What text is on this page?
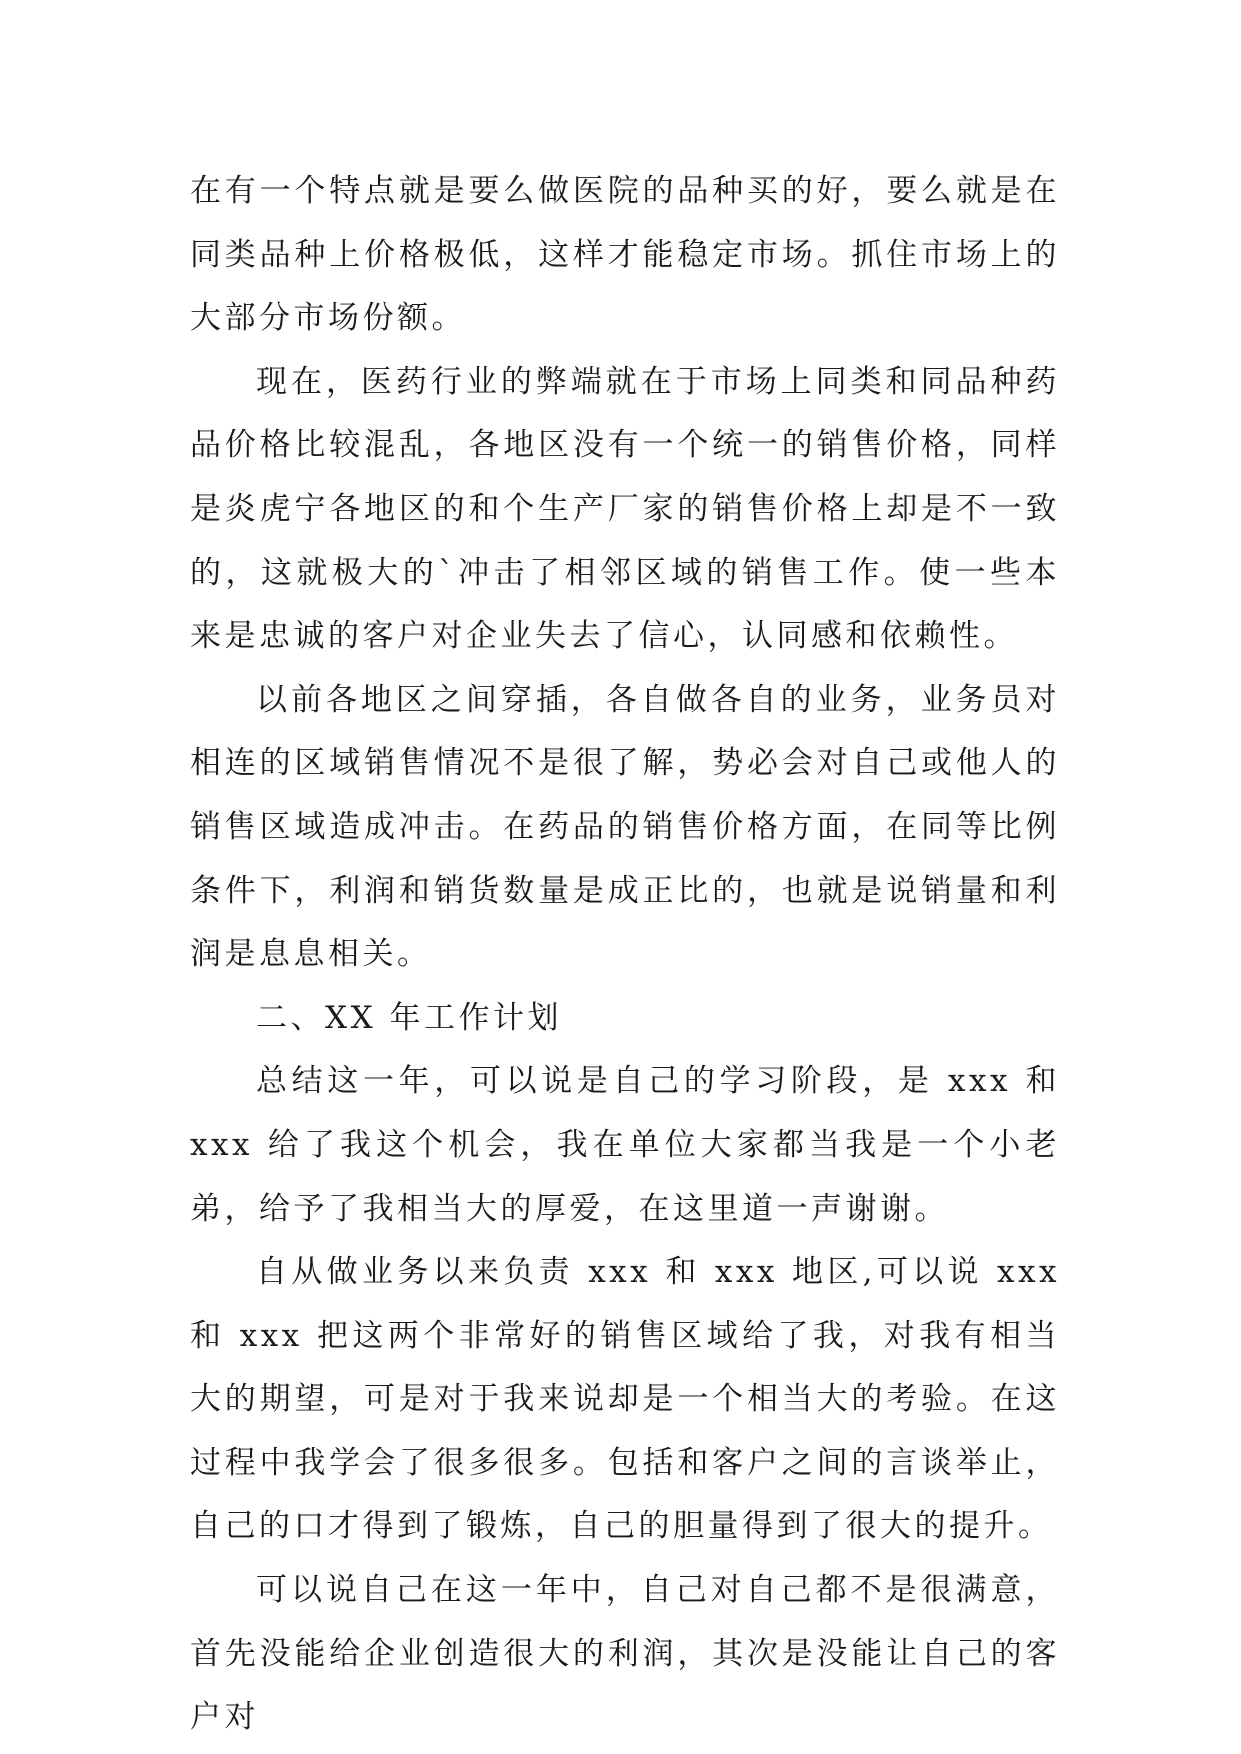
在有一个特点就是要么做医院的品种买的好，要么就是在同类品种上价格极低，这样才能稳定市场。抓住市场上的大部分市场份额。

现在，医药行业的弊端就在于市场上同类和同品种药品价格比较混乱，各地区没有一个统一的销售价格，同样是炎虎宁各地区的和个生产厂家的销售价格上却是不一致的，这就极大的`冲击了相邻区域的销售工作。使一些本来是忠诚的客户对企业失去了信心，认同感和依赖性。

以前各地区之间穿插，各自做各自的业务，业务员对相连的区域销售情况不是很了解，势必会对自己或他人的销售区域造成冲击。在药品的销售价格方面，在同等比例条件下，利润和销货数量是成正比的，也就是说销量和利润是息息相关。

二、XX 年工作计划

总结这一年，可以说是自己的学习阶段，是 xxx 和 xxx 给了我这个机会，我在单位大家都当我是一个小老弟，给予了我相当大的厚爱，在这里道一声谢谢。

自从做业务以来负责 xxx 和 xxx 地区,可以说 xxx 和 xxx 把这两个非常好的销售区域给了我，对我有相当大的期望，可是对于我来说却是一个相当大的考验。在这过程中我学会了很多很多。包括和客户之间的言谈举止，自己的口才得到了锻炼，自己的胆量得到了很大的提升。

可以说自己在这一年中，自己对自己都不是很满意，首先没能给企业创造很大的利润，其次是没能让自己的客户对
